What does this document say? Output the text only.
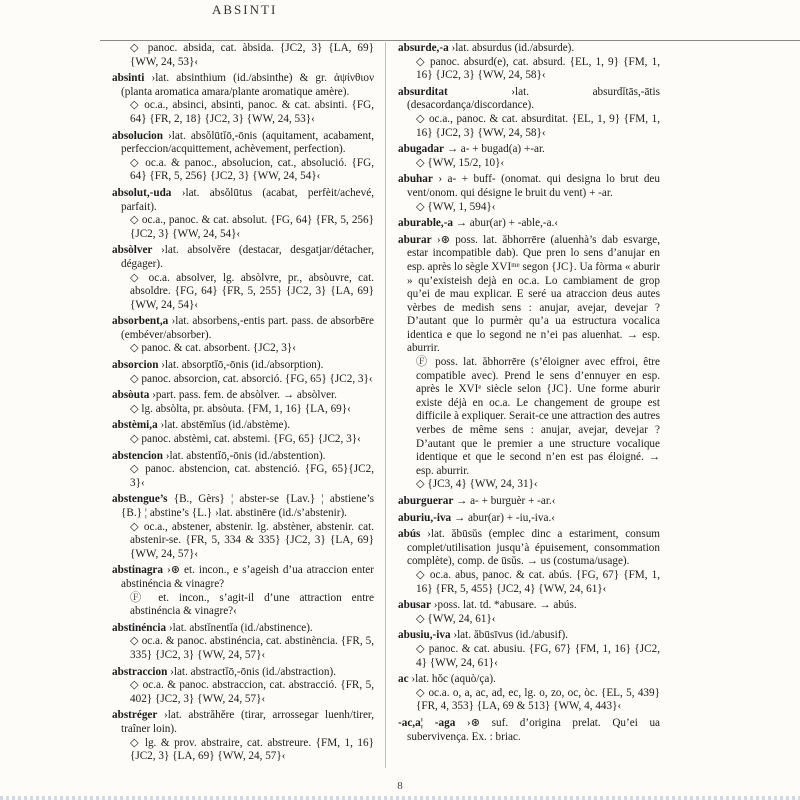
ABSINTI
◇ panoc. absida, cat. àbsida. {JC2, 3} {LA, 69} {WW, 24, 53}‹
absinti ›lat. absinthium (id./absinthe) & gr. ἀψίνθιον (planta aromatica amara/plante aromatique amère).
◇ oc.a., absinci, absinti, panoc. & cat. absinti. {FG, 64} {FR, 2, 18} {JC2, 3} {WW, 24, 53}‹
absolucion ›lat. absŏlūtĭō,-ōnis (aquitament, acabament, perfeccion/acquittement, achèvement, perfection).
◇ oc.a. & panoc., absolucion, cat., absolució. {FG, 64} {FR, 5, 256} {JC2, 3} {WW, 24, 54}‹
absolut,-uda ›lat. absŏlūtus (acabat, perfèit/achevé, parfait).
◇ oc.a., panoc. & cat. absolut. {FG, 64} {FR, 5, 256} {JC2, 3} {WW, 24, 54}‹
absòlver ›lat. absolvĕre (destacar, desgatjar/détacher, dégager).
◇ oc.a. absolver, lg. absòlvre, pr., absòuvre, cat. absoldre. {FG, 64} {FR, 5, 255} {JC2, 3} {LA, 69} {WW, 24, 54}‹
absorbent,a ›lat. absorbens,-entis part. pass. de absorbēre (embéver/absorber).
◇ panoc. & cat. absorbent. {JC2, 3}‹
absorcion ›lat. absorptĭō,-ōnis (id./absorption).
◇ panoc. absorcion, cat. absorció. {FG, 65} {JC2, 3}‹
absòuta ›part. pass. fem. de absòlver. → absòlver.
◇ lg. absòlta, pr. absòuta. {FM, 1, 16} {LA, 69}‹
abstèmi,a ›lat. abstēmĭus (id./abstème).
◇ panoc. abstèmi, cat. abstemi. {FG, 65} {JC2, 3}‹
abstencion ›lat. abstentĭō,-ōnis (id./abstention).
◇ panoc. abstencion, cat. abstenció. {FG, 65}{JC2, 3}‹
abstengue’s {B., Gèrs} ¦ abster-se {Lav.} ¦ abstiene’s {B.} ¦ abstine’s {L.} ›lat. abstinēre (id./s’abstenir).
◇ oc.a., abstener, abstenir. lg. abstèner, abstenir. cat. abstenir-se. {FR, 5, 334 & 335} {JC2, 3} {LA, 69} {WW, 24, 57}‹
abstinagra ›⊛ et. incon., e s’ageish d’ua atraccion enter abstinéncia & vinagre?
Ⓕ et. incon., s’agit-il d’une attraction entre abstinéncia & vinagre?‹
abstinéncia ›lat. abstĭnentĭa (id./abstinence).
◇ oc.a. & panoc. abstinéncia, cat. abstinència. {FR, 5, 335} {JC2, 3} {WW, 24, 57}‹
abstraccion ›lat. abstractĭō,-ōnis (id./abstraction).
◇ oc.a. & panoc. abstraccion, cat. abstracció. {FR, 5, 402} {JC2, 3} {WW, 24, 57}‹
abstréger ›lat. abstrăhĕre (tirar, arrossegar luenh/tirer, traîner loin).
◇ lg. & prov. abstraire, cat. abstreure. {FM, 1, 16} {JC2, 3} {LA, 69} {WW, 24, 57}‹
absurde,-a ›lat. absurdus (id./absurde).
◇ panoc. absurd(e), cat. absurd. {EL, 1, 9} {FM, 1, 16} {JC2, 3} {WW, 24, 58}‹
absurditat ›lat. absurdĭtās,-ātis (desacordança/discordance).
◇ oc.a., panoc. & cat. absurditat. {EL, 1, 9} {FM, 1, 16} {JC2, 3} {WW, 24, 58}‹
abugadar → a- + bugad(a) +-ar.
◇ {WW, 15/2, 10}‹
abuhar › a- + buff- (onomat. qui designa lo brut deu vent/onom. qui désigne le bruit du vent) + -ar.
◇ {WW, 1, 594}‹
aburable,-a → abur(ar) + -able,-a.‹
aburar ›⊛ poss. lat. ăbhorrēre (aluenhà’s dab esvarge, estar incompatible dab). Que pren lo sens d’anujar en esp. après lo sègle XVIᵐᵉ segon {JC}. Ua fòrma « aburir » qu’existeish dejà en oc.a. Lo cambiament de grop qu’ei de mau explicar. E seré ua atraccion deus autes vèrbes de medish sens : anujar, avejar, devejar ? D’autant que lo purmèr qu’a ua estructura vocalica identica e que lo segond ne n’ei pas aluenhat. → esp. aburrir.
Ⓕ poss. lat. ăbhorrēre (s’éloigner avec effroi, être compatible avec). Prend le sens d’ennuyer en esp. après le XVIᵉ siècle selon {JC}. Une forme aburir existe déjà en oc.a. Le changement de groupe est difficile à expliquer. Serait-ce une attraction des autres verbes de même sens : anujar, avejar, devejar ? D’autant que le premier a une structure vocalique identique et que le second n’en est pas éloigné. → esp. aburrir.
◇ {JC3, 4} {WW, 24, 31}‹
aburguerar → a- + burguèr + -ar.‹
aburiu,-iva → abur(ar) + -iu,-iva.‹
abús ›lat. ăbūsŭs (emplec dinc a estariment, consum complet/utilisation jusqu’à épuisement, consommation complète), comp. de ūsŭs. → us (costuma/usage).
◇ oc.a. abus, panoc. & cat. abús. {FG, 67} {FM, 1, 16} {FR, 5, 455} {JC2, 4} {WW, 24, 61}‹
abusar ›poss. lat. td. *abusare. → abús.
◇ {WW, 24, 61}‹
abusiu,-iva ›lat. ăbūsīvus (id./abusif).
◇ panoc. & cat. abusiu. {FG, 67} {FM, 1, 16} {JC2, 4} {WW, 24, 61}‹
ac ›lat. hŏc (aquò/ça).
◇ oc.a. o, a, ac, ad, ec, lg. o, zo, oc, òc. {EL, 5, 439} {FR, 4, 353} {LA, 69 & 513} {WW, 4, 443}‹
-ac,a¦ -aga ›⊛ suf. d’origina prelat. Qu’ei ua subervivença. Ex. : briac.
8
